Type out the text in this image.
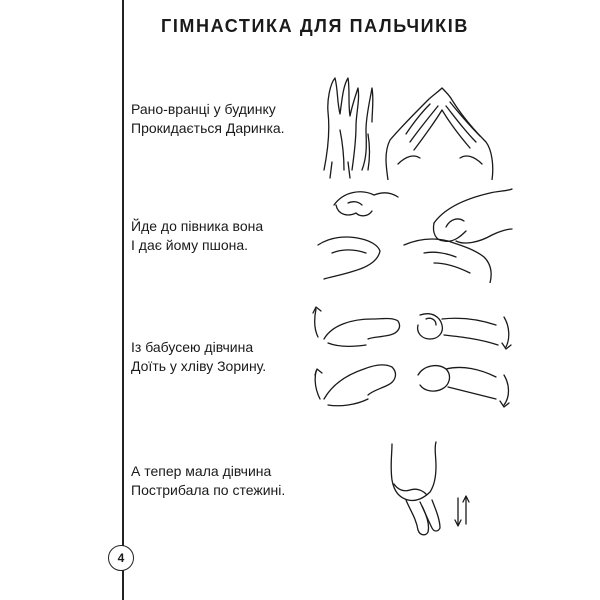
ГІМНАСТИКА ДЛЯ ПАЛЬЧИКІВ
Рано-вранці у будинку
Прокидається Даринка.
Йде до півника вона
І дає йому пшона.
Із бабусею дівчина
Доїть у хліву Зорину.
А тепер мала дівчина
Пострибала по стежині.
4
